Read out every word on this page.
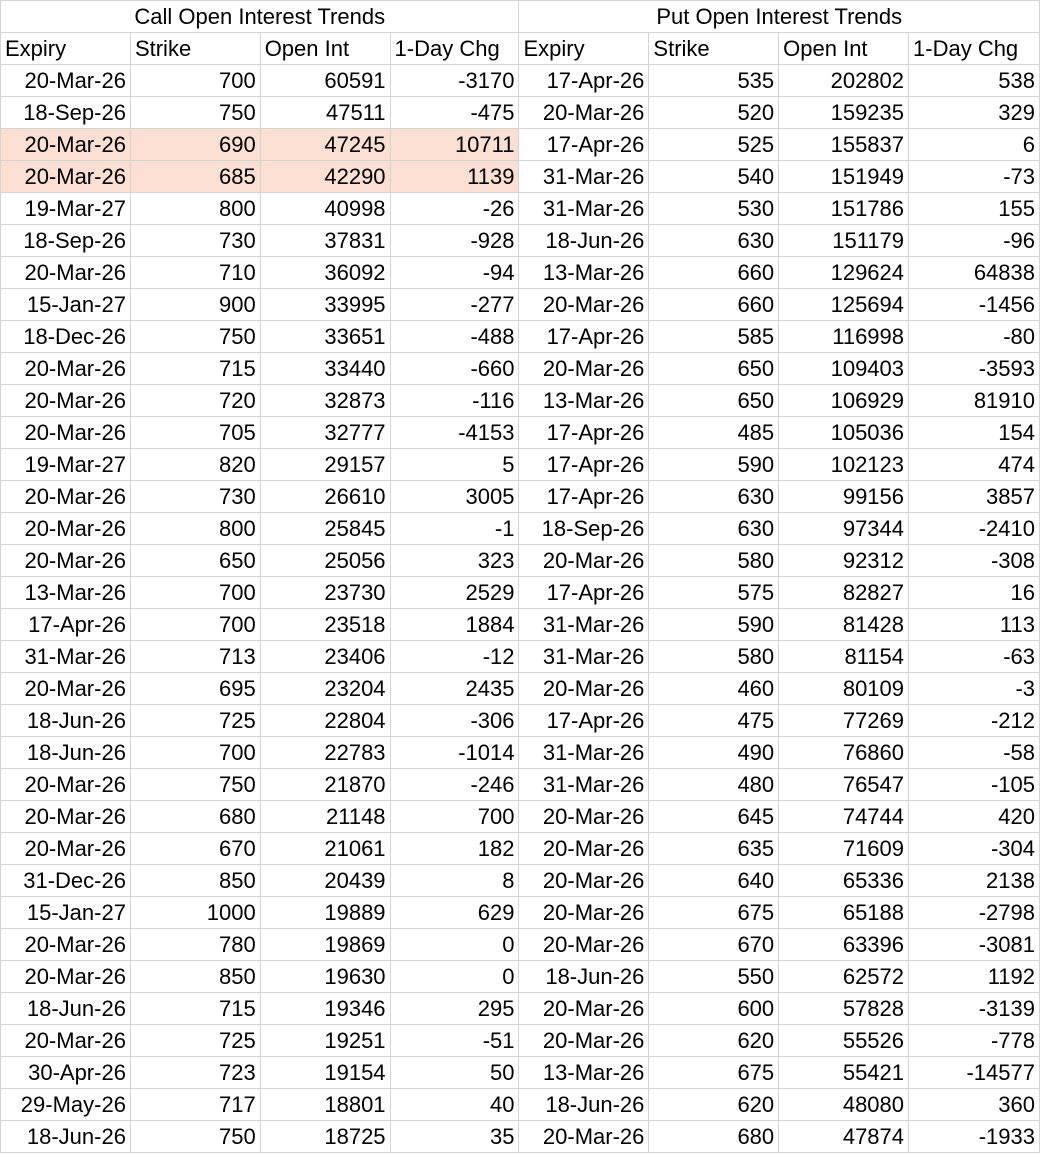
Call Open Interest Trends				Put Open Interest Trends			
Expiry	Strike	Open Int	1-Day Chg	Expiry	Strike	Open Int	1-Day Chg
20-Mar-26	700	60591	-3170	17-Apr-26	535	202802	538
18-Sep-26	750	47511	-475	20-Mar-26	520	159235	329
20-Mar-26	690	47245	10711	17-Apr-26	525	155837	6
20-Mar-26	685	42290	1139	31-Mar-26	540	151949	-73
19-Mar-27	800	40998	-26	31-Mar-26	530	151786	155
18-Sep-26	730	37831	-928	18-Jun-26	630	151179	-96
20-Mar-26	710	36092	-94	13-Mar-26	660	129624	64838
15-Jan-27	900	33995	-277	20-Mar-26	660	125694	-1456
18-Dec-26	750	33651	-488	17-Apr-26	585	116998	-80
20-Mar-26	715	33440	-660	20-Mar-26	650	109403	-3593
20-Mar-26	720	32873	-116	13-Mar-26	650	106929	81910
20-Mar-26	705	32777	-4153	17-Apr-26	485	105036	154
19-Mar-27	820	29157	5	17-Apr-26	590	102123	474
20-Mar-26	730	26610	3005	17-Apr-26	630	99156	3857
20-Mar-26	800	25845	-1	18-Sep-26	630	97344	-2410
20-Mar-26	650	25056	323	20-Mar-26	580	92312	-308
13-Mar-26	700	23730	2529	17-Apr-26	575	82827	16
17-Apr-26	700	23518	1884	31-Mar-26	590	81428	113
31-Mar-26	713	23406	-12	31-Mar-26	580	81154	-63
20-Mar-26	695	23204	2435	20-Mar-26	460	80109	-3
18-Jun-26	725	22804	-306	17-Apr-26	475	77269	-212
18-Jun-26	700	22783	-1014	31-Mar-26	490	76860	-58
20-Mar-26	750	21870	-246	31-Mar-26	480	76547	-105
20-Mar-26	680	21148	700	20-Mar-26	645	74744	420
20-Mar-26	670	21061	182	20-Mar-26	635	71609	-304
31-Dec-26	850	20439	8	20-Mar-26	640	65336	2138
15-Jan-27	1000	19889	629	20-Mar-26	675	65188	-2798
20-Mar-26	780	19869	0	20-Mar-26	670	63396	-3081
20-Mar-26	850	19630	0	18-Jun-26	550	62572	1192
18-Jun-26	715	19346	295	20-Mar-26	600	57828	-3139
20-Mar-26	725	19251	-51	20-Mar-26	620	55526	-778
30-Apr-26	723	19154	50	13-Mar-26	675	55421	-14577
29-May-26	717	18801	40	18-Jun-26	620	48080	360
18-Jun-26	750	18725	35	20-Mar-26	680	47874	-1933
